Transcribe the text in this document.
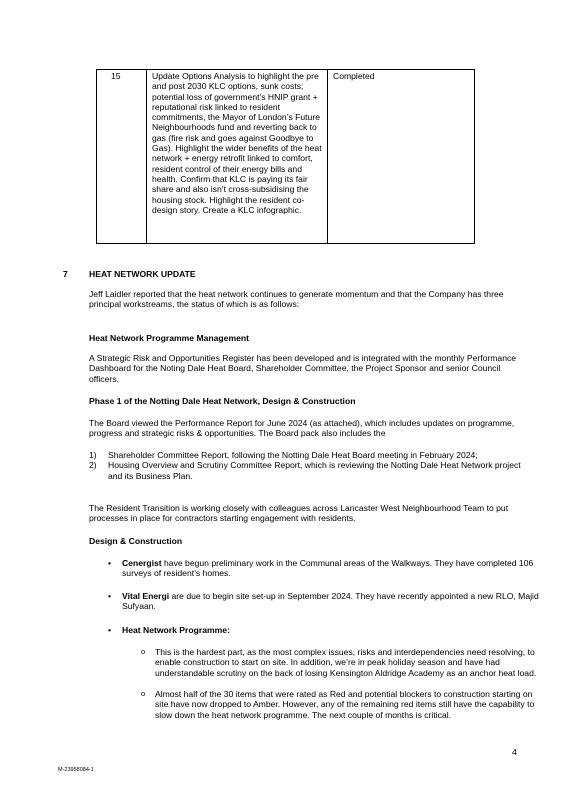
15	Update Options Analysis to highlight the pre and post 2030 KLC options, sunk costs; potential loss of government’s HNIP grant + reputational risk linked to resident commitments, the Mayor of London’s Future Neighbourhoods fund and reverting back to gas (fire risk and goes against Goodbye to Gas). Highlight the wider benefits of the heat network + energy retrofit linked to comfort, resident control of their energy bills and health. Confirm that KLC is paying its fair share and also isn’t cross-subsidising the housing stock. Highlight the resident co-design story. Create a KLC infographic.	Completed

7 HEAT NETWORK UPDATE

Jeff Laidler reported that the heat network continues to generate momentum and that the Company has three principal workstreams, the status of which is as follows:

Heat Network Programme Management

A Strategic Risk and Opportunities Register has been developed and is integrated with the monthly Performance Dashboard for the Noting Dale Heat Board, Shareholder Committee, the Project Sponsor and senior Council officers.

Phase 1 of the Notting Dale Heat Network, Design & Construction

The Board viewed the Performance Report for June 2024 (as attached), which includes updates on programme, progress and strategic risks & opportunities. The Board pack also includes the

1) Shareholder Committee Report, following the Notting Dale Heat Board meeting in February 2024;
2) Housing Overview and Scrutiny Committee Report, which is reviewing the Notting Dale Heat Network project and its Business Plan.

The Resident Transition is working closely with colleagues across Lancaster West Neighbourhood Team to put processes in place for contractors starting engagement with residents.

Design & Construction

• Cenergist have begun preliminary work in the Communal areas of the Walkways. They have completed 106 surveys of resident’s homes.
• Vital Energi are due to begin site set-up in September 2024. They have recently appointed a new RLO, Majid Sufyaan.
• Heat Network Programme:
o This is the hardest part, as the most complex issues, risks and interdependencies need resolving, to enable construction to start on site. In addition, we’re in peak holiday season and have had understandable scrutiny on the back of losing Kensington Aldridge Academy as an anchor heat load.
o Almost half of the 30 items that were rated as Red and potential blockers to construction starting on site have now dropped to Amber. However, any of the remaining red items still have the capability to slow down the heat network programme. The next couple of months is critical.
4
M-23958084-1
